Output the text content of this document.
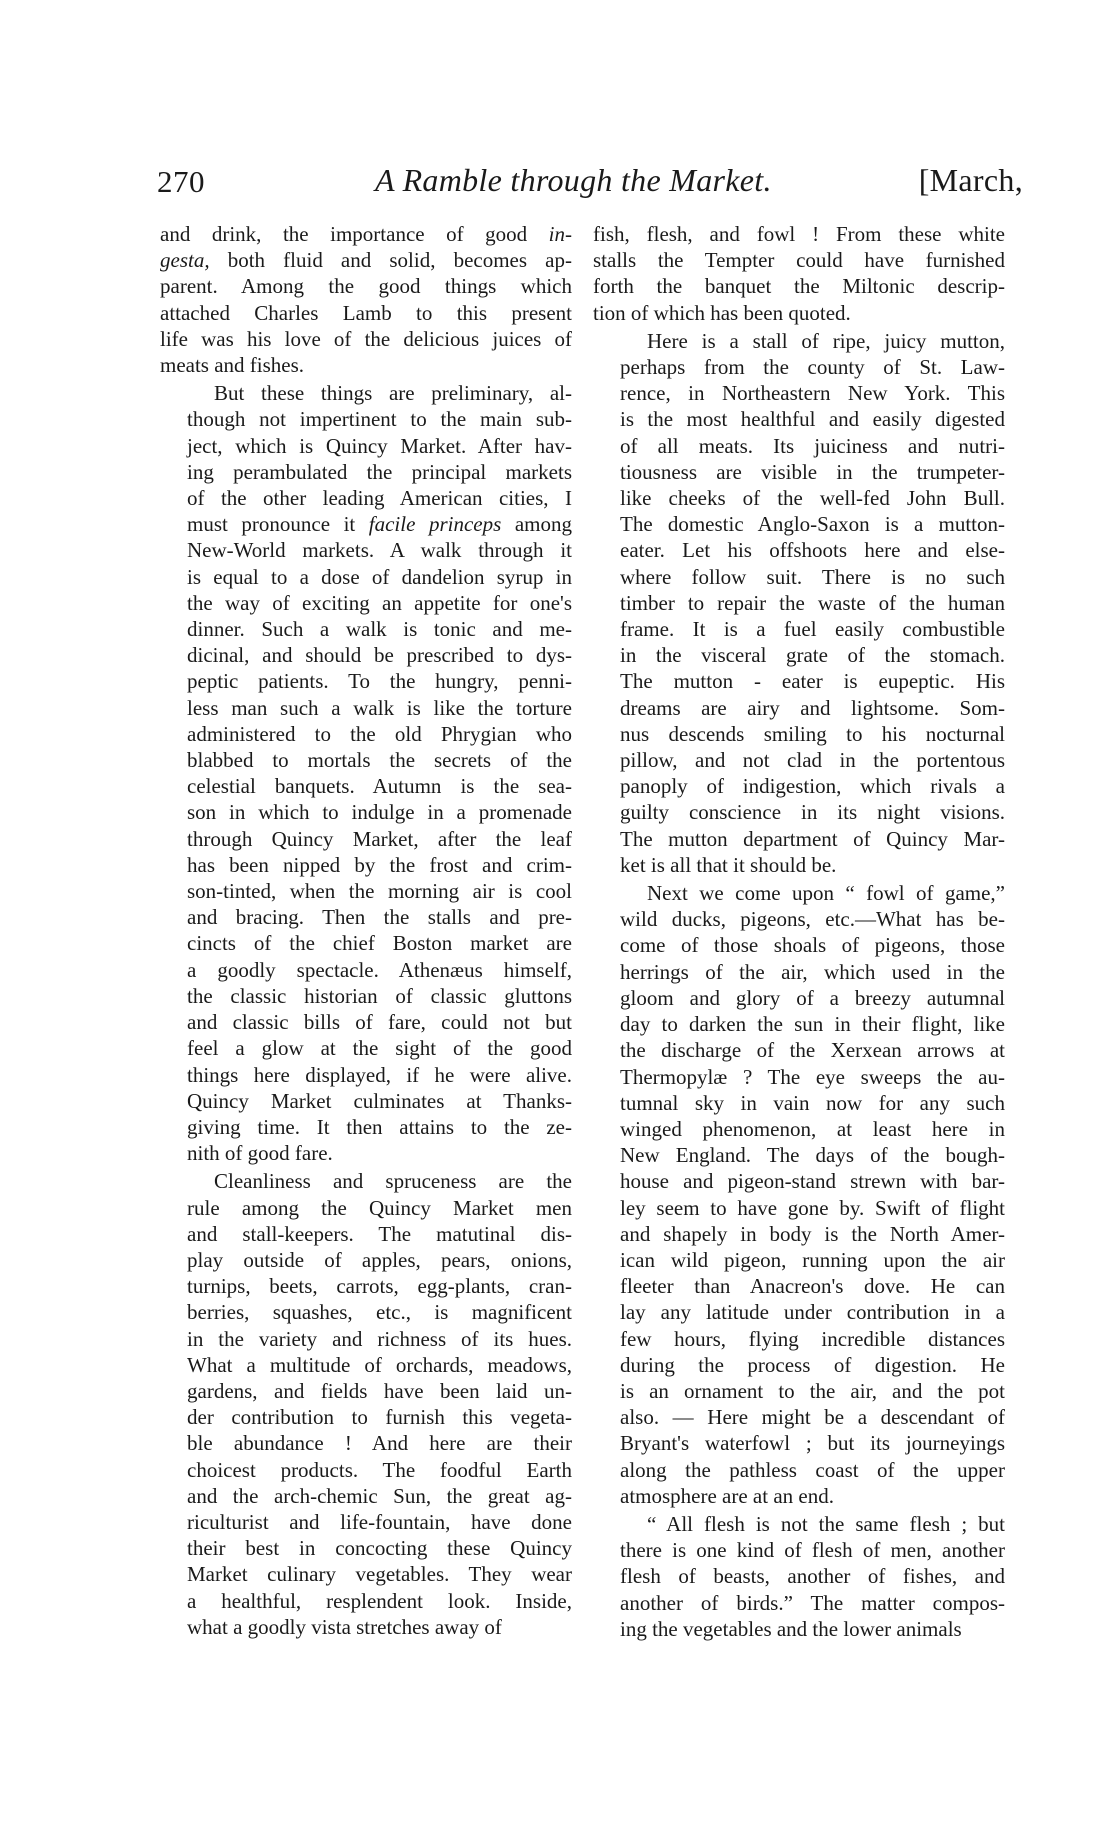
270	A Ramble through the Market.	[March,

and drink, the importance of good in-
gesta, both fluid and solid, becomes ap-
parent. Among the good things which
attached Charles Lamb to this present
life was his love of the delicious juices of
meats and fishes.

But these things are preliminary, al-
though not impertinent to the main sub-
ject, which is Quincy Market. After hav-
ing perambulated the principal markets
of the other leading American cities, I
must pronounce it facile princeps among
New-World markets. A walk through it
is equal to a dose of dandelion syrup in
the way of exciting an appetite for one's
dinner. Such a walk is tonic and me-
dicinal, and should be prescribed to dys-
peptic patients. To the hungry, penni-
less man such a walk is like the torture
administered to the old Phrygian who
blabbed to mortals the secrets of the
celestial banquets. Autumn is the sea-
son in which to indulge in a promenade
through Quincy Market, after the leaf
has been nipped by the frost and crim-
son-tinted, when the morning air is cool
and bracing. Then the stalls and pre-
cincts of the chief Boston market are
a goodly spectacle. Athenæus himself,
the classic historian of classic gluttons
and classic bills of fare, could not but
feel a glow at the sight of the good
things here displayed, if he were alive.
Quincy Market culminates at Thanks-
giving time. It then attains to the ze-
nith of good fare.

Cleanliness and spruceness are the
rule among the Quincy Market men
and stall-keepers. The matutinal dis-
play outside of apples, pears, onions,
turnips, beets, carrots, egg-plants, cran-
berries, squashes, etc., is magnificent
in the variety and richness of its hues.
What a multitude of orchards, meadows,
gardens, and fields have been laid un-
der contribution to furnish this vegeta-
ble abundance ! And here are their
choicest products. The foodful Earth
and the arch-chemic Sun, the great ag-
riculturist and life-fountain, have done
their best in concocting these Quincy
Market culinary vegetables. They wear
a healthful, resplendent look. Inside,
what a goodly vista stretches away of

fish, flesh, and fowl ! From these white
stalls the Tempter could have furnished
forth the banquet the Miltonic descrip-
tion of which has been quoted.

Here is a stall of ripe, juicy mutton,
perhaps from the county of St. Law-
rence, in Northeastern New York. This
is the most healthful and easily digested
of all meats. Its juiciness and nutri-
tiousness are visible in the trumpeter-
like cheeks of the well-fed John Bull.
The domestic Anglo-Saxon is a mutton-
eater. Let his offshoots here and else-
where follow suit. There is no such
timber to repair the waste of the human
frame. It is a fuel easily combustible
in the visceral grate of the stomach.
The mutton - eater is eupeptic. His
dreams are airy and lightsome. Som-
nus descends smiling to his nocturnal
pillow, and not clad in the portentous
panoply of indigestion, which rivals a
guilty conscience in its night visions.
The mutton department of Quincy Mar-
ket is all that it should be.

Next we come upon “ fowl of game,”
wild ducks, pigeons, etc.—What has be-
come of those shoals of pigeons, those
herrings of the air, which used in the
gloom and glory of a breezy autumnal
day to darken the sun in their flight, like
the discharge of the Xerxean arrows at
Thermopylæ ? The eye sweeps the au-
tumnal sky in vain now for any such
winged phenomenon, at least here in
New England. The days of the bough-
house and pigeon-stand strewn with bar-
ley seem to have gone by. Swift of flight
and shapely in body is the North Amer-
ican wild pigeon, running upon the air
fleeter than Anacreon's dove. He can
lay any latitude under contribution in a
few hours, flying incredible distances
during the process of digestion. He
is an ornament to the air, and the pot
also. — Here might be a descendant of
Bryant's waterfowl ; but its journeyings
along the pathless coast of the upper
atmosphere are at an end.

“ All flesh is not the same flesh ; but
there is one kind of flesh of men, another
flesh of beasts, another of fishes, and
another of birds.” The matter compos-
ing the vegetables and the lower animals
